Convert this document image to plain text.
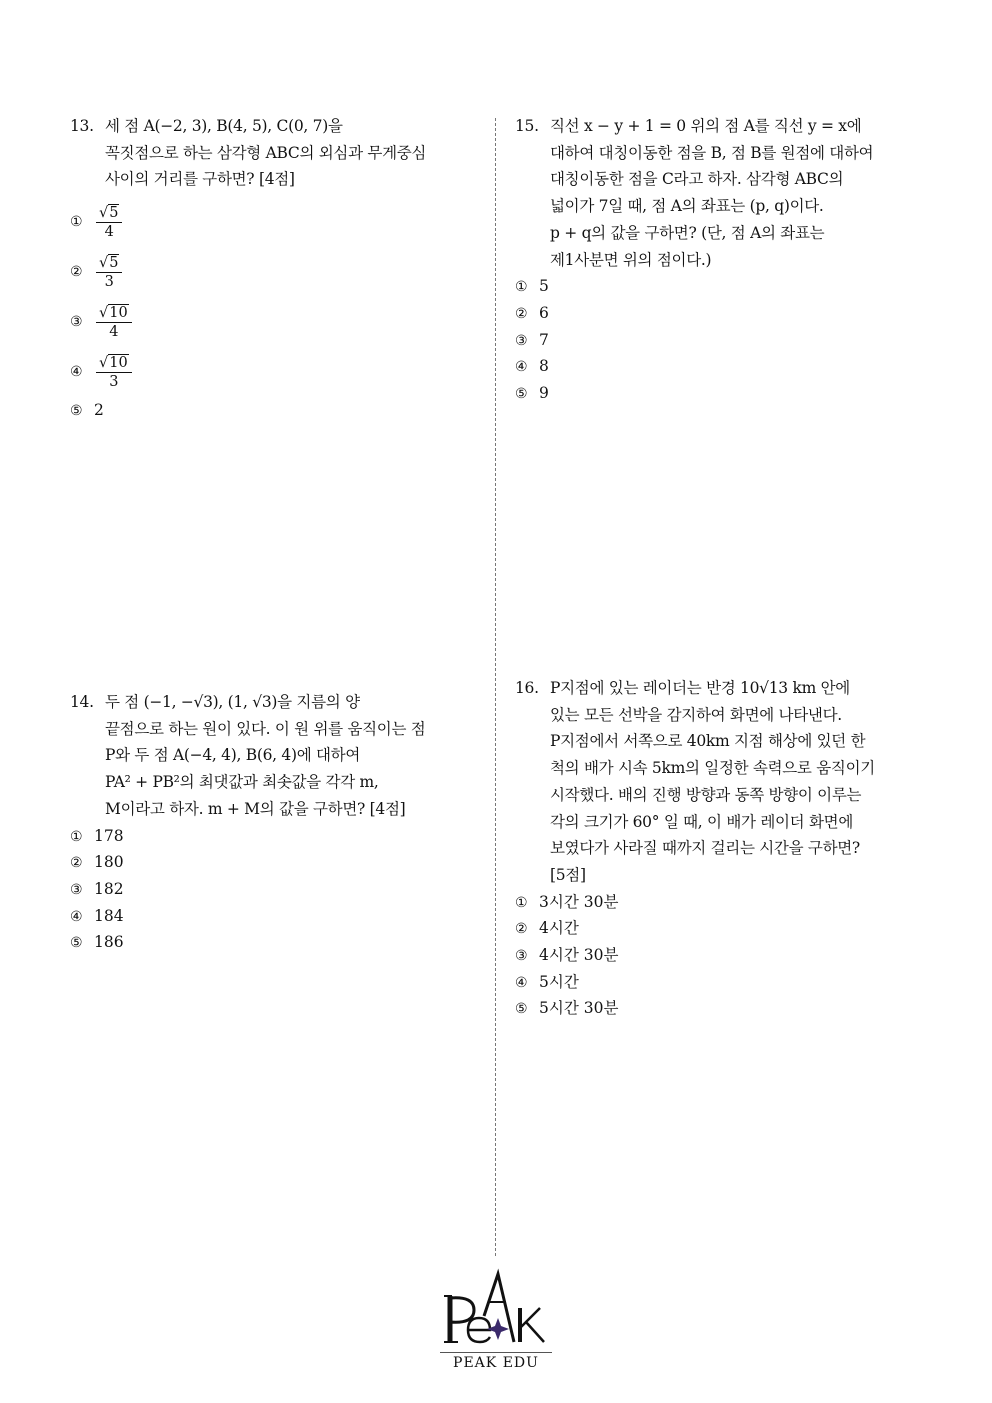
13. 세 점 A(−2, 3), B(4, 5), C(0, 7)을
꼭짓점으로 하는 삼각형 ABC의 외심과 무게중심
사이의 거리를 구하면? [4점]
① $\frac{√5}{4}$
② $\frac{√5}{3}$
③ $\frac{√10}{4}$
④ $\frac{√10}{3}$
⑤ 2
14. 두 점 (−1, −√3), (1, √3)을 지름의 양
끝점으로 하는 원이 있다. 이 원 위를 움직이는 점
P와 두 점 A(−4, 4), B(6, 4)에 대하여
PA² + PB²의 최댓값과 최솟값을 각각 m,
M이라고 하자. m + M의 값을 구하면? [4점]
① 178
② 180
③ 182
④ 184
⑤ 186
15. 직선 x − y + 1 = 0 위의 점 A를 직선 y = x에
대하여 대칭이동한 점을 B, 점 B를 원점에 대하여
대칭이동한 점을 C라고 하자. 삼각형 ABC의
넓이가 7일 때, 점 A의 좌표는 (p, q)이다.
p + q의 값을 구하면? (단, 점 A의 좌표는
제1사분면 위의 점이다.)
① 5
② 6
③ 7
④ 8
⑤ 9
16. P지점에 있는 레이더는 반경 10√13 km 안에
있는 모든 선박을 감지하여 화면에 나타낸다.
P지점에서 서쪽으로 40km 지점 해상에 있던 한
척의 배가 시속 5km의 일정한 속력으로 움직이기
시작했다. 배의 진행 방향과 동쪽 방향이 이루는
각의 크기가 60° 일 때, 이 배가 레이더 화면에
보였다가 사라질 때까지 걸리는 시간을 구하면?
[5점]
① 3시간 30분
② 4시간
③ 4시간 30분
④ 5시간
⑤ 5시간 30분
PEAK EDU
